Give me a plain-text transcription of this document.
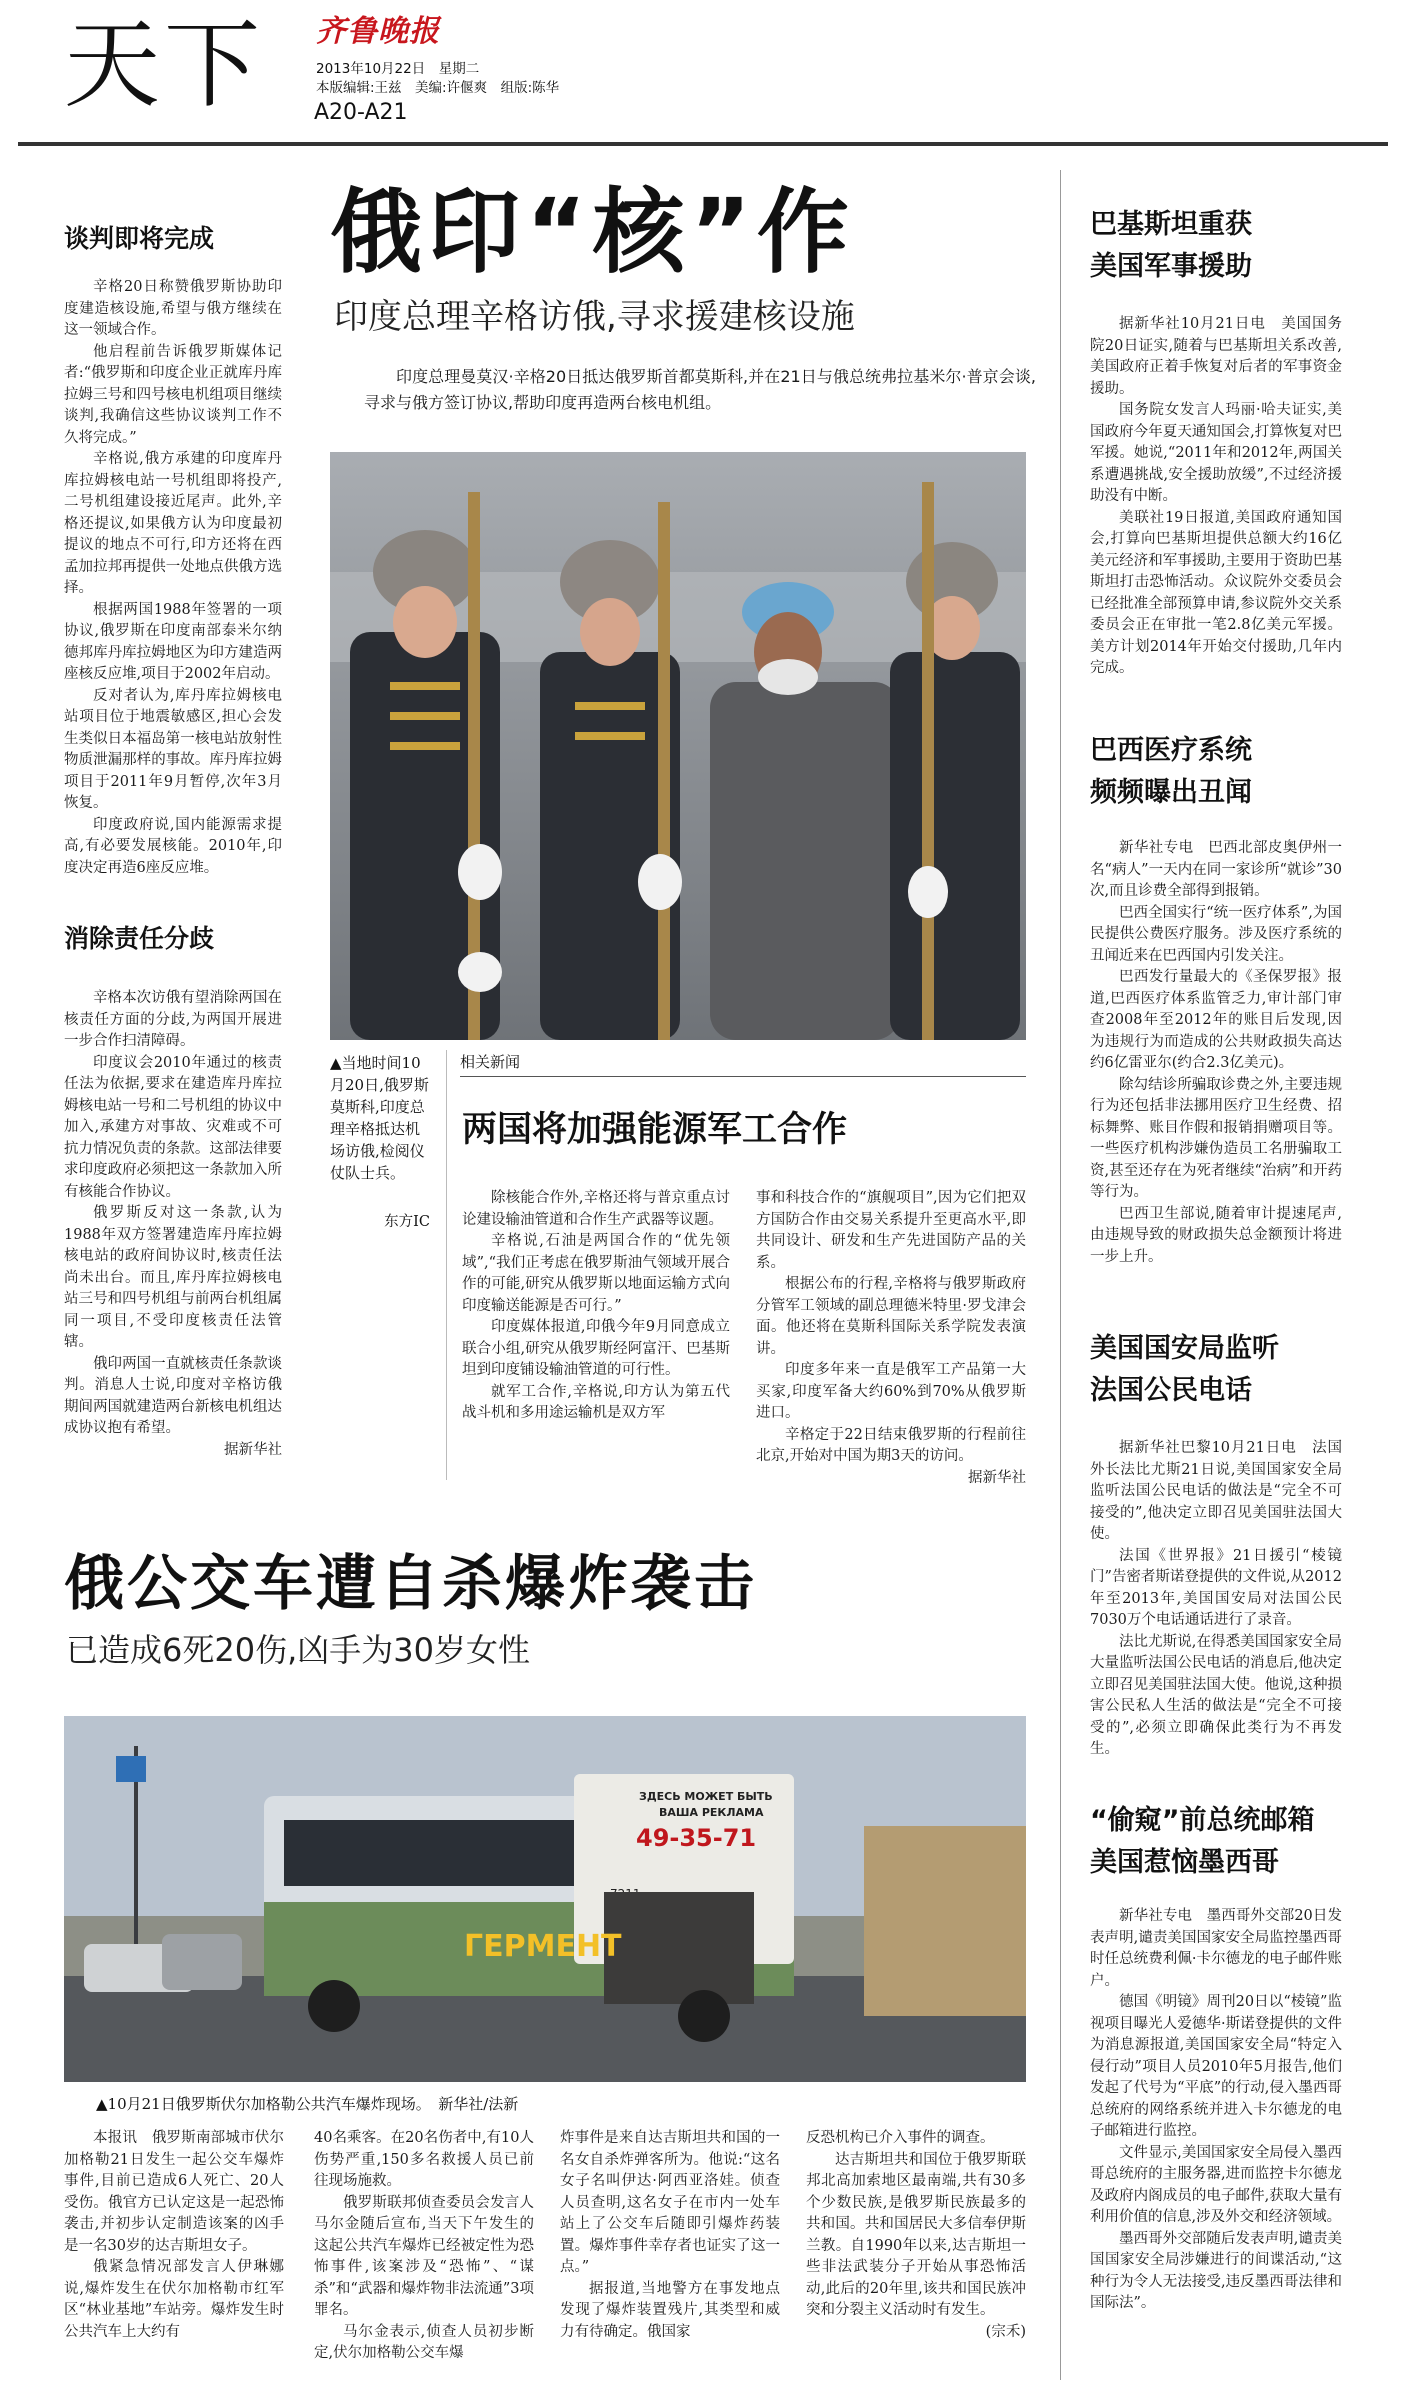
天下 齐鲁晚报
2013年10月22日　星期二
本版编辑:王兹　美编:许偃爽　组版:陈华
A20-A21
谈判即将完成

辛格20日称赞俄罗斯协助印度建造核设施,希望与俄方继续在这一领域合作。

他启程前告诉俄罗斯媒体记者:“俄罗斯和印度企业正就库丹库拉姆三号和四号核电机组项目继续谈判,我确信这些协议谈判工作不久将完成。”

辛格说,俄方承建的印度库丹库拉姆核电站一号机组即将投产,二号机组建设接近尾声。此外,辛格还提议,如果俄方认为印度最初提议的地点不可行,印方还将在西孟加拉邦再提供一处地点供俄方选择。

根据两国1988年签署的一项协议,俄罗斯在印度南部泰米尔纳德邦库丹库拉姆地区为印方建造两座核反应堆,项目于2002年启动。

反对者认为,库丹库拉姆核电站项目位于地震敏感区,担心会发生类似日本福岛第一核电站放射性物质泄漏那样的事故。库丹库拉姆项目于2011年9月暂停,次年3月恢复。

印度政府说,国内能源需求提高,有必要发展核能。2010年,印度决定再造6座反应堆。

消除责任分歧

辛格本次访俄有望消除两国在核责任方面的分歧,为两国开展进一步合作扫清障碍。

印度议会2010年通过的核责任法为依据,要求在建造库丹库拉姆核电站一号和二号机组的协议中加入,承建方对事故、灾难或不可抗力情况负责的条款。这部法律要求印度政府必须把这一条款加入所有核能合作协议。

俄罗斯反对这一条款,认为1988年双方签署建造库丹库拉姆核电站的政府间协议时,核责任法尚未出台。而且,库丹库拉姆核电站三号和四号机组与前两台机组属同一项目,不受印度核责任法管辖。

俄印两国一直就核责任条款谈判。消息人士说,印度对辛格访俄期间两国就建造两台新核电机组达成协议抱有希望。

据新华社
俄印“核”作
印度总理辛格访俄,寻求援建核设施
印度总理曼莫汉·辛格20日抵达俄罗斯首都莫斯科,并在21日与俄总统弗拉基米尔·普京会谈,寻求与俄方签订协议,帮助印度再造两台核电机组。
▲当地时间10月20日,俄罗斯莫斯科,印度总理辛格抵达机场访俄,检阅仪仗队士兵。
东方IC
相关新闻
两国将加强能源军工合作

除核能合作外,辛格还将与普京重点讨论建设输油管道和合作生产武器等议题。

辛格说,石油是两国合作的“优先领域”,“我们正考虑在俄罗斯油气领域开展合作的可能,研究从俄罗斯以地面运输方式向印度输送能源是否可行。”

印度媒体报道,印俄今年9月同意成立联合小组,研究从俄罗斯经阿富汗、巴基斯坦到印度铺设输油管道的可行性。

就军工合作,辛格说,印方认为第五代战斗机和多用途运输机是双方军

事和科技合作的“旗舰项目”,因为它们把双方国防合作由交易关系提升至更高水平,即共同设计、研发和生产先进国防产品的关系。

根据公布的行程,辛格将与俄罗斯政府分管军工领域的副总理德米特里·罗戈津会面。他还将在莫斯科国际关系学院发表演讲。

印度多年来一直是俄军工产品第一大买家,印度军备大约60%到70%从俄罗斯进口。

辛格定于22日结束俄罗斯的行程前往北京,开始对中国为期3天的访问。

据新华社
俄公交车遭自杀爆炸袭击
已造成6死20伤,凶手为30岁女性
ЗДЕСЬ МОЖЕТ БЫТЬ
ВАША РЕКЛАМА
49-35-71
ГЕРМЕНТ
▲10月21日俄罗斯伏尔加格勒公共汽车爆炸现场。　新华社/法新

本报讯　俄罗斯南部城市伏尔加格勒21日发生一起公交车爆炸事件,目前已造成6人死亡、20人受伤。俄官方已认定这是一起恐怖袭击,并初步认定制造该案的凶手是一名30岁的达吉斯坦女子。

俄紧急情况部发言人伊琳娜说,爆炸发生在伏尔加格勒市红军区“林业基地”车站旁。爆炸发生时公共汽车上大约有

40名乘客。在20名伤者中,有10人伤势严重,150多名救援人员已前往现场施救。

俄罗斯联邦侦查委员会发言人马尔金随后宣布,当天下午发生的这起公共汽车爆炸已经被定性为恐怖事件,该案涉及“恐怖”、“谋杀”和“武器和爆炸物非法流通”3项罪名。

马尔金表示,侦查人员初步断定,伏尔加格勒公交车爆

炸事件是来自达吉斯坦共和国的一名女自杀炸弹客所为。他说:“这名女子名叫伊达·阿西亚洛娃。侦查人员查明,这名女子在市内一处车站上了公交车后随即引爆炸药装置。爆炸事件幸存者也证实了这一点。”

据报道,当地警方在事发地点发现了爆炸装置残片,其类型和威力有待确定。俄国家

反恐机构已介入事件的调查。

达吉斯坦共和国位于俄罗斯联邦北高加索地区最南端,共有30多个少数民族,是俄罗斯民族最多的共和国。共和国居民大多信奉伊斯兰教。自1990年以来,达吉斯坦一些非法武装分子开始从事恐怖活动,此后的20年里,该共和国民族冲突和分裂主义活动时有发生。

(宗禾)
巴基斯坦重获
美国军事援助

据新华社10月21日电　美国国务院20日证实,随着与巴基斯坦关系改善,美国政府正着手恢复对后者的军事资金援助。

国务院女发言人玛丽·哈夫证实,美国政府今年夏天通知国会,打算恢复对巴军援。她说,“2011年和2012年,两国关系遭遇挑战,安全援助放缓”,不过经济援助没有中断。

美联社19日报道,美国政府通知国会,打算向巴基斯坦提供总额大约16亿美元经济和军事援助,主要用于资助巴基斯坦打击恐怖活动。众议院外交委员会已经批准全部预算申请,参议院外交关系委员会正在审批一笔2.8亿美元军援。美方计划2014年开始交付援助,几年内完成。

巴西医疗系统
频频曝出丑闻

新华社专电　巴西北部皮奥伊州一名“病人”一天内在同一家诊所“就诊”30次,而且诊费全部得到报销。

巴西全国实行“统一医疗体系”,为国民提供公费医疗服务。涉及医疗系统的丑闻近来在巴西国内引发关注。

巴西发行量最大的《圣保罗报》报道,巴西医疗体系监管乏力,审计部门审查2008年至2012年的账目后发现,因为违规行为而造成的公共财政损失高达约6亿雷亚尔(约合2.3亿美元)。

除勾结诊所骗取诊费之外,主要违规行为还包括非法挪用医疗卫生经费、招标舞弊、账目作假和报销捐赠项目等。一些医疗机构涉嫌伪造员工名册骗取工资,甚至还存在为死者继续“治病”和开药等行为。

巴西卫生部说,随着审计提速尾声,由违规导致的财政损失总金额预计将进一步上升。

美国国安局监听
法国公民电话

据新华社巴黎10月21日电　法国外长法比尤斯21日说,美国国家安全局监听法国公民电话的做法是“完全不可接受的”,他决定立即召见美国驻法国大使。

法国《世界报》21日援引“棱镜门”告密者斯诺登提供的文件说,从2012年至2013年,美国国安局对法国公民7030万个电话通话进行了录音。

法比尤斯说,在得悉美国国家安全局大量监听法国公民电话的消息后,他决定立即召见美国驻法国大使。他说,这种损害公民私人生活的做法是“完全不可接受的”,必须立即确保此类行为不再发生。

“偷窥”前总统邮箱
美国惹恼墨西哥

新华社专电　墨西哥外交部20日发表声明,谴责美国国家安全局监控墨西哥时任总统费利佩·卡尔德龙的电子邮件账户。

德国《明镜》周刊20日以“棱镜”监视项目曝光人爱德华·斯诺登提供的文件为消息源报道,美国国家安全局“特定入侵行动”项目人员2010年5月报告,他们发起了代号为“平底”的行动,侵入墨西哥总统府的网络系统并进入卡尔德龙的电子邮箱进行监控。

文件显示,美国国家安全局侵入墨西哥总统府的主服务器,进而监控卡尔德龙及政府内阁成员的电子邮件,获取大量有利用价值的信息,涉及外交和经济领域。

墨西哥外交部随后发表声明,谴责美国国家安全局涉嫌进行的间谍活动,“这种行为令人无法接受,违反墨西哥法律和国际法”。
